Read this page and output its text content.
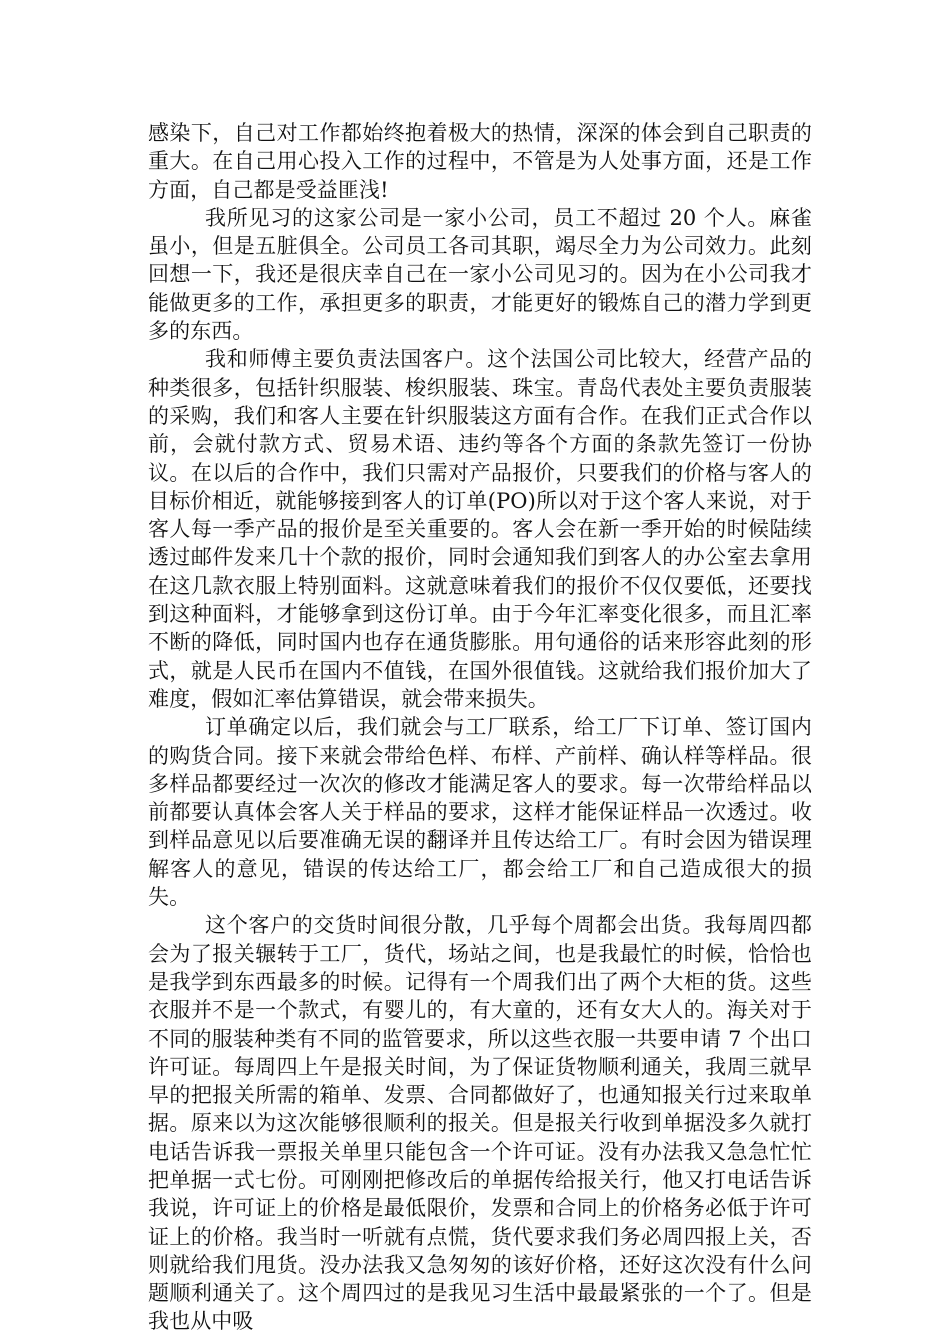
感染下，自己对工作都始终抱着极大的热情，深深的体会到自己职责的重大。在自己用心投入工作的过程中，不管是为人处事方面，还是工作方面，自己都是受益匪浅!

我所见习的这家公司是一家小公司，员工不超过 20 个人。麻雀虽小，但是五脏俱全。公司员工各司其职，竭尽全力为公司效力。此刻回想一下，我还是很庆幸自己在一家小公司见习的。因为在小公司我才能做更多的工作，承担更多的职责，才能更好的锻炼自己的潜力学到更多的东西。

我和师傅主要负责法国客户。这个法国公司比较大，经营产品的种类很多，包括针织服装、梭织服装、珠宝。青岛代表处主要负责服装的采购，我们和客人主要在针织服装这方面有合作。在我们正式合作以前，会就付款方式、贸易术语、违约等各个方面的条款先签订一份协议。在以后的合作中，我们只需对产品报价，只要我们的价格与客人的目标价相近，就能够接到客人的订单(PO)所以对于这个客人来说，对于客人每一季产品的报价是至关重要的。客人会在新一季开始的时候陆续透过邮件发来几十个款的报价，同时会通知我们到客人的办公室去拿用在这几款衣服上特别面料。这就意味着我们的报价不仅仅要低，还要找到这种面料，才能够拿到这份订单。由于今年汇率变化很多，而且汇率不断的降低，同时国内也存在通货膨胀。用句通俗的话来形容此刻的形式，就是人民币在国内不值钱，在国外很值钱。这就给我们报价加大了难度，假如汇率估算错误，就会带来损失。

订单确定以后，我们就会与工厂联系，给工厂下订单、签订国内的购货合同。接下来就会带给色样、布样、产前样、确认样等样品。很多样品都要经过一次次的修改才能满足客人的要求。每一次带给样品以前都要认真体会客人关于样品的要求，这样才能保证样品一次透过。收到样品意见以后要准确无误的翻译并且传达给工厂。有时会因为错误理解客人的意见，错误的传达给工厂，都会给工厂和自己造成很大的损失。

这个客户的交货时间很分散，几乎每个周都会出货。我每周四都会为了报关辗转于工厂，货代，场站之间，也是我最忙的时候，恰恰也是我学到东西最多的时候。记得有一个周我们出了两个大柜的货。这些衣服并不是一个款式，有婴儿的，有大童的，还有女大人的。海关对于不同的服装种类有不同的监管要求，所以这些衣服一共要申请 7 个出口许可证。每周四上午是报关时间，为了保证货物顺利通关，我周三就早早的把报关所需的箱单、发票、合同都做好了，也通知报关行过来取单据。原来以为这次能够很顺利的报关。但是报关行收到单据没多久就打电话告诉我一票报关单里只能包含一个许可证。没有办法我又急急忙忙把单据一式七份。可刚刚把修改后的单据传给报关行，他又打电话告诉我说，许可证上的价格是最低限价，发票和合同上的价格务必低于许可证上的价格。我当时一听就有点慌，货代要求我们务必周四报上关，否则就给我们甩货。没办法我又急匆匆的该好价格，还好这次没有什么问题顺利通关了。这个周四过的是我见习生活中最最紧张的一个了。但是我也从中吸
